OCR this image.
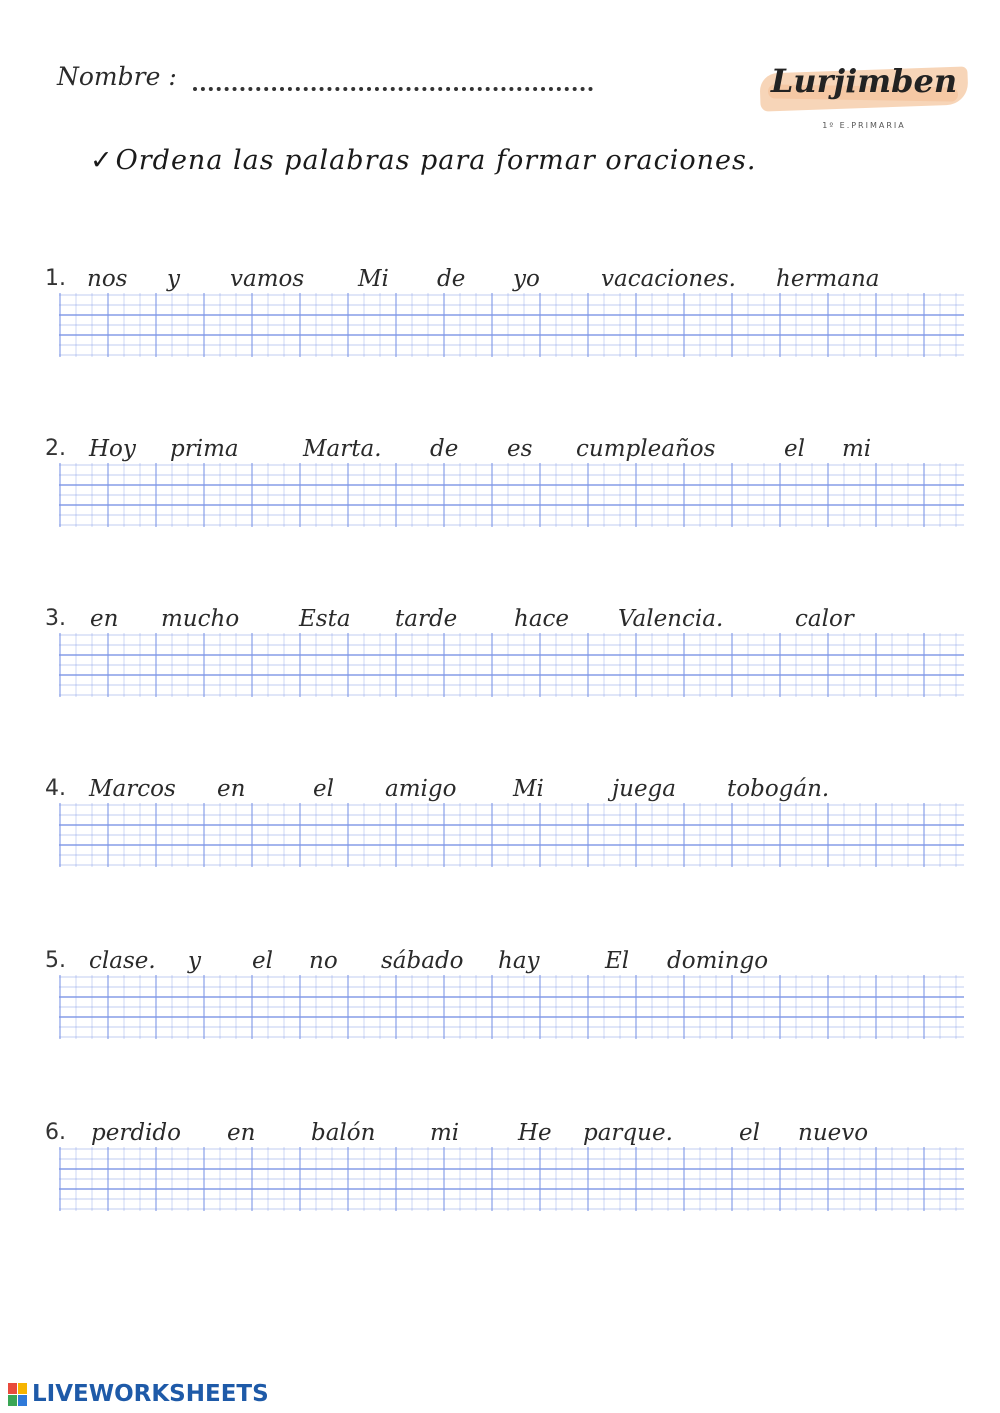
Nombre :	Lurjimben
1º E.PRIMARIA
✓Ordena las palabras para formar oraciones.
1. nos y vamos Mi de yo	vacaciones. hermana
2. Hoy prima	Marta. de es cumpleaños	el mi
3. en mucho	Esta tarde hace Valencia.	calor
4. Marcos en	el amigo Mi	juega tobogán.
5. clase. y el no sábado hay	El domingo
6. perdido en balón mi	He parque.	el nuevo
LIVEWORKSHEETS
